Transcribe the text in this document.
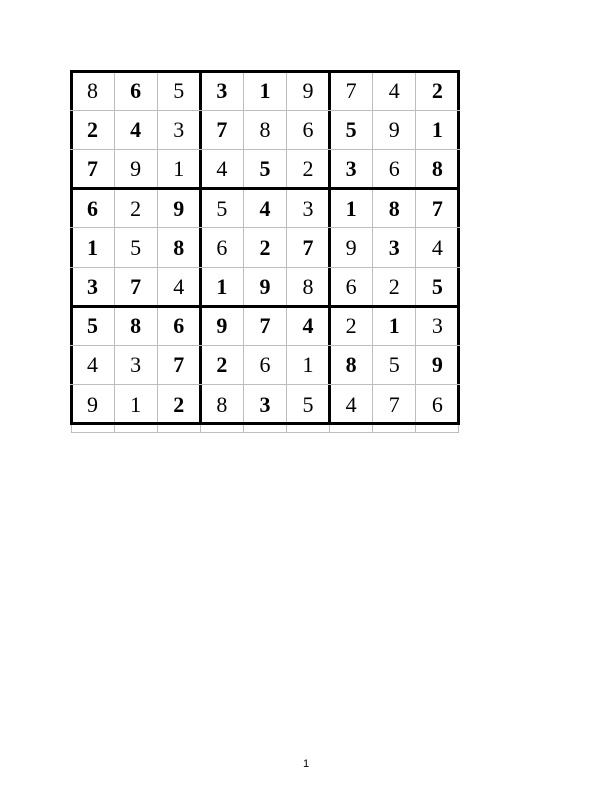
8	6	5	3	1	9	7	4	2
2	4	3	7	8	6	5	9	1
7	9	1	4	5	2	3	6	8
6	2	9	5	4	3	1	8	7
1	5	8	6	2	7	9	3	4
3	7	4	1	9	8	6	2	5
5	8	6	9	7	4	2	1	3
4	3	7	2	6	1	8	5	9
9	1	2	8	3	5	4	7	6
1
